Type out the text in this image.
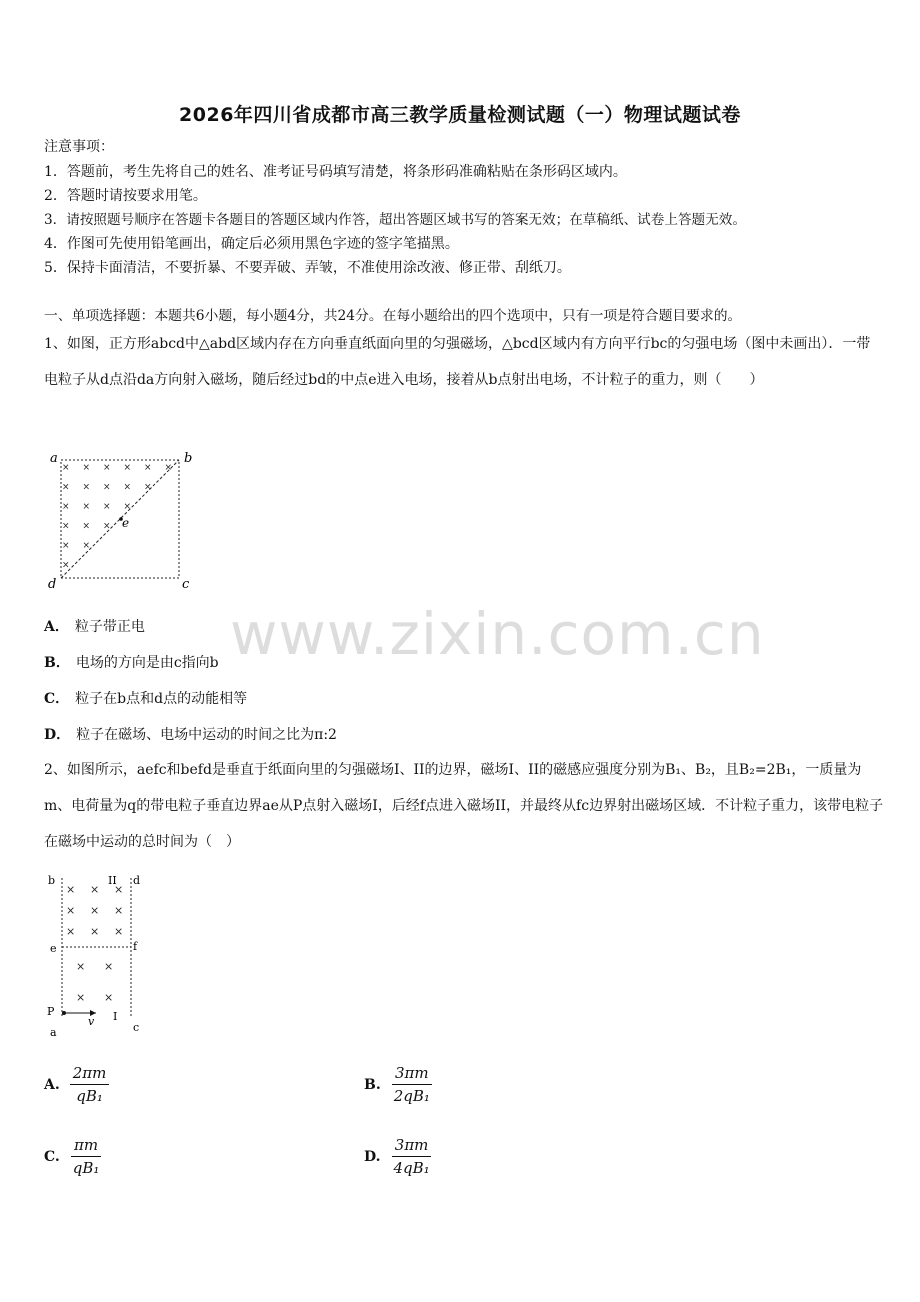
2026年四川省成都市高三教学质量检测试题（一）物理试题试卷
注意事项：
1．答题前，考生先将自己的姓名、准考证号码填写清楚，将条形码准确粘贴在条形码区域内。
2．答题时请按要求用笔。
3．请按照题号顺序在答题卡各题目的答题区域内作答，超出答题区域书写的答案无效；在草稿纸、试卷上答题无效。
4．作图可先使用铅笔画出，确定后必须用黑色字迹的签字笔描黑。
5．保持卡面清洁，不要折暴、不要弄破、弄皱，不准使用涂改液、修正带、刮纸刀。
一、单项选择题：本题共6小题，每小题4分，共24分。在每小题给出的四个选项中，只有一项是符合题目要求的。
1、如图，正方形abcd中△abd区域内存在方向垂直纸面向里的匀强磁场，△bcd区域内有方向平行bc的匀强电场（图中未画出）．一带电粒子从d点沿da方向射入磁场，随后经过bd的中点e进入电场，接着从b点射出电场，不计粒子的重力，则（　　）
× × × × × ×
× × × × ×
× × × ×
× × ×
× ×
×
a	b
c
d
e
www.zixin.com.cn
A． 粒子带正电
B． 电场的方向是由c指向b
C． 粒子在b点和d点的动能相等
D． 粒子在磁场、电场中运动的时间之比为π:2
2、如图所示，aefc和befd是垂直于纸面向里的匀强磁场I、II的边界，磁场I、II的磁感应强度分别为B₁、B₂，且B₂=2B₁，一质量为m、电荷量为q的带电粒子垂直边界ae从P点射入磁场I，后经f点进入磁场II，并最终从fc边界射出磁场区域．不计粒子重力，该带电粒子在磁场中运动的总时间为（　）
× × ×
× × ×
× × ×
× ×
× ×
b	II d
e	f
P
a
v I
c
A. $\frac{2\pi m}{\text{qB₁}}$	B. $\frac{3\pi m}{\text{2qB₁}}$
C. $\frac{\pi m}{\text{qB₁}}$	D. $\frac{3\pi m}{\text{4qB₁}}$
